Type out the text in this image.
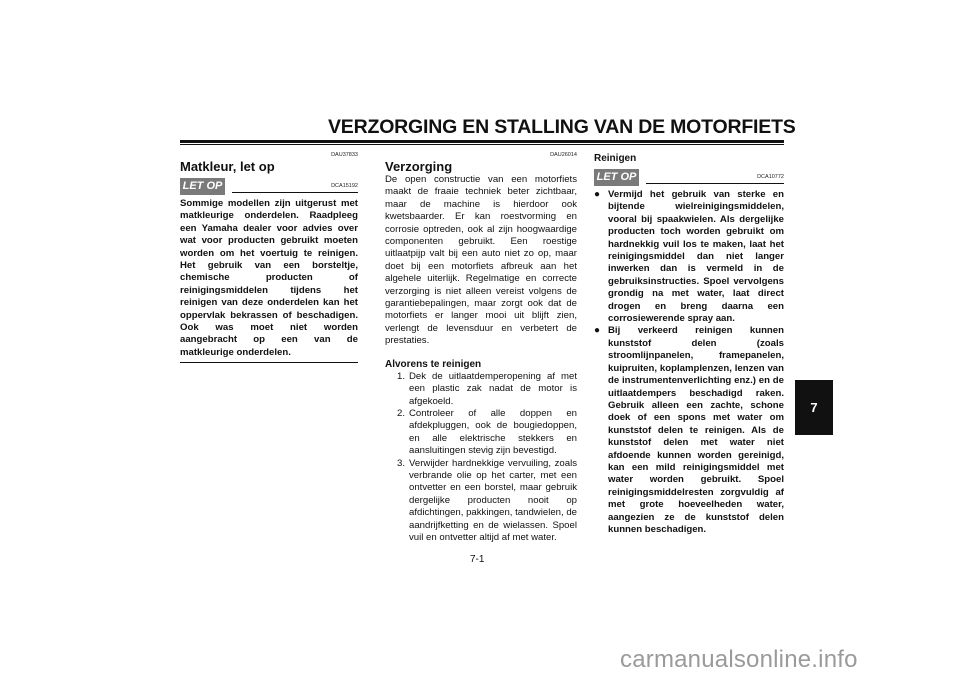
VERZORGING EN STALLING VAN DE MOTORFIETS
DAU37833
Matkleur, let op
LET OP	DCA15192
Sommige modellen zijn uitgerust met matkleurige onderdelen. Raadpleeg een Yamaha dealer voor advies over wat voor producten gebruikt moeten worden om het voertuig te reinigen. Het gebruik van een borsteltje, chemische producten of reinigingsmiddelen tijdens het reinigen van deze onderdelen kan het oppervlak bekrassen of beschadigen. Ook was moet niet worden aangebracht op een van de matkleurige onderdelen.
DAU26014
Verzorging
De open constructie van een motorfiets maakt de fraaie techniek beter zichtbaar, maar de machine is hierdoor ook kwetsbaarder. Er kan roestvorming en corrosie optreden, ook al zijn hoogwaardige componenten gebruikt. Een roestige uitlaatpijp valt bij een auto niet zo op, maar doet bij een motorfiets afbreuk aan het algehele uiterlijk. Regelmatige en correcte verzorging is niet alleen vereist volgens de garantiebepalingen, maar zorgt ook dat de motorfiets er langer mooi uit blijft zien, verlengt de levensduur en verbetert de prestaties.
Alvorens te reinigen
1. Dek de uitlaatdemperopening af met een plastic zak nadat de motor is afgekoeld.
2. Controleer of alle doppen en afdekpluggen, ook de bougiedoppen, en alle elektrische stekkers en aansluitingen stevig zijn bevestigd.
3. Verwijder hardnekkige vervuiling, zoals verbrande olie op het carter, met een ontvetter en een borstel, maar gebruik dergelijke producten nooit op afdichtingen, pakkingen, tandwielen, de aandrijfketting en de wielassen. Spoel vuil en ontvetter altijd af met water.
Reinigen
LET OP	DCA10772
● Vermijd het gebruik van sterke en bijtende wielreinigingsmiddelen, vooral bij spaakwielen. Als dergelijke producten toch worden gebruikt om hardnekkig vuil los te maken, laat het reinigingsmiddel dan niet langer inwerken dan is vermeld in de gebruiksinstructies. Spoel vervolgens grondig na met water, laat direct drogen en breng daarna een corrosiewerende spray aan.
● Bij verkeerd reinigen kunnen kunststof delen (zoals stroomlijnpanelen, framepanelen, kuipruiten, koplamplenzen, lenzen van de instrumentenverlichting enz.) en de uitlaatdempers beschadigd raken. Gebruik alleen een zachte, schone doek of een spons met water om kunststof delen te reinigen. Als de kunststof delen met water niet afdoende kunnen worden gereinigd, kan een mild reinigingsmiddel met water worden gebruikt. Spoel reinigingsmiddelresten zorgvuldig af met grote hoeveelheden water, aangezien ze de kunststof delen kunnen beschadigen.
7-1
7
carmanualsonline.info
